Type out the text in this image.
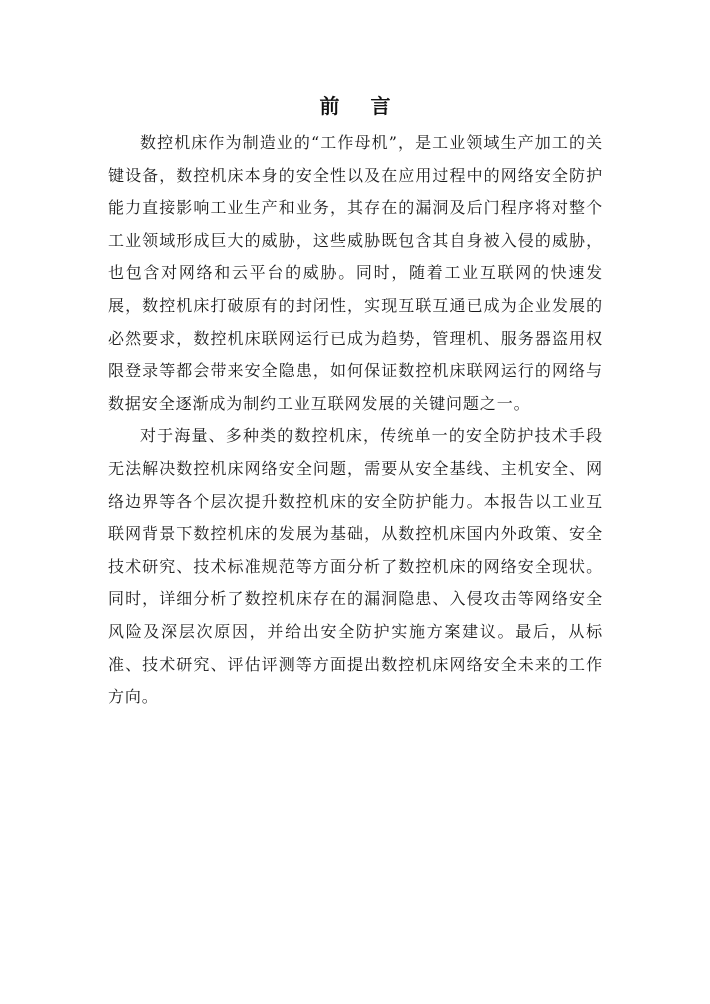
前 言

数控机床作为制造业的“工作母机”，是工业领域生产加工的关键设备，数控机床本身的安全性以及在应用过程中的网络安全防护能力直接影响工业生产和业务，其存在的漏洞及后门程序将对整个工业领域形成巨大的威胁，这些威胁既包含其自身被入侵的威胁，也包含对网络和云平台的威胁。同时，随着工业互联网的快速发展，数控机床打破原有的封闭性，实现互联互通已成为企业发展的必然要求，数控机床联网运行已成为趋势，管理机、服务器盗用权限登录等都会带来安全隐患，如何保证数控机床联网运行的网络与数据安全逐渐成为制约工业互联网发展的关键问题之一。

对于海量、多种类的数控机床，传统单一的安全防护技术手段无法解决数控机床网络安全问题，需要从安全基线、主机安全、网络边界等各个层次提升数控机床的安全防护能力。本报告以工业互联网背景下数控机床的发展为基础，从数控机床国内外政策、安全技术研究、技术标准规范等方面分析了数控机床的网络安全现状。同时，详细分析了数控机床存在的漏洞隐患、入侵攻击等网络安全风险及深层次原因，并给出安全防护实施方案建议。最后，从标准、技术研究、评估评测等方面提出数控机床网络安全未来的工作方向。
